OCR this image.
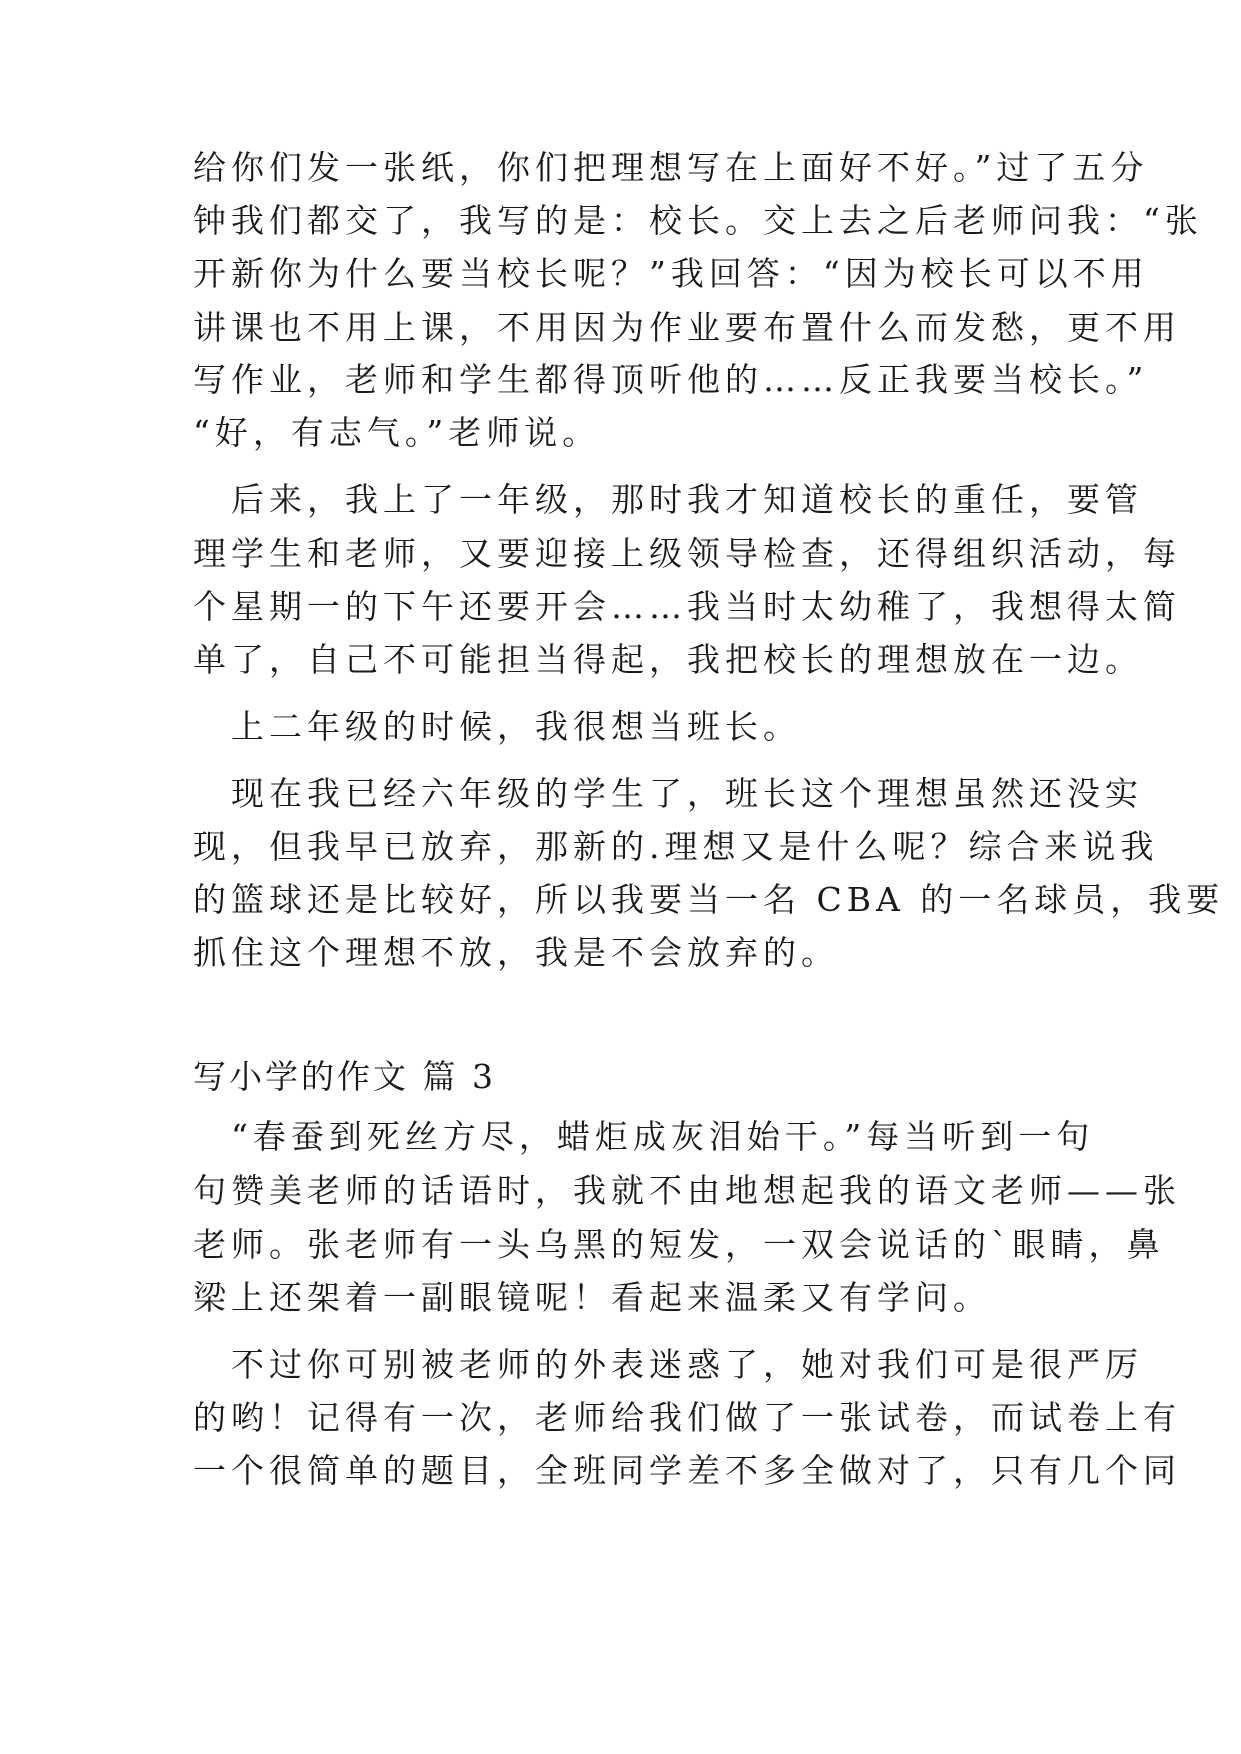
给你们发一张纸，你们把理想写在上面好不好。”过了五分
钟我们都交了，我写的是：校长。交上去之后老师问我：“张
开新你为什么要当校长呢？”我回答：“因为校长可以不用
讲课也不用上课，不用因为作业要布置什么而发愁，更不用
写作业，老师和学生都得顶听他的……反正我要当校长。”
“好，有志气。”老师说。
　后来，我上了一年级，那时我才知道校长的重任，要管
理学生和老师，又要迎接上级领导检查，还得组织活动，每
个星期一的下午还要开会……我当时太幼稚了，我想得太简
单了，自己不可能担当得起，我把校长的理想放在一边。
　上二年级的时候，我很想当班长。
　现在我已经六年级的学生了，班长这个理想虽然还没实
现，但我早已放弃，那新的.理想又是什么呢？综合来说我
的篮球还是比较好，所以我要当一名 CBA 的一名球员，我要
抓住这个理想不放，我是不会放弃的。
写小学的作文 篇 3
　“春蚕到死丝方尽，蜡炬成灰泪始干。”每当听到一句
句赞美老师的话语时，我就不由地想起我的语文老师——张
老师。张老师有一头乌黑的短发，一双会说话的`眼睛，鼻
梁上还架着一副眼镜呢！看起来温柔又有学问。
　不过你可别被老师的外表迷惑了，她对我们可是很严厉
的哟！记得有一次，老师给我们做了一张试卷，而试卷上有
一个很简单的题目，全班同学差不多全做对了，只有几个同
